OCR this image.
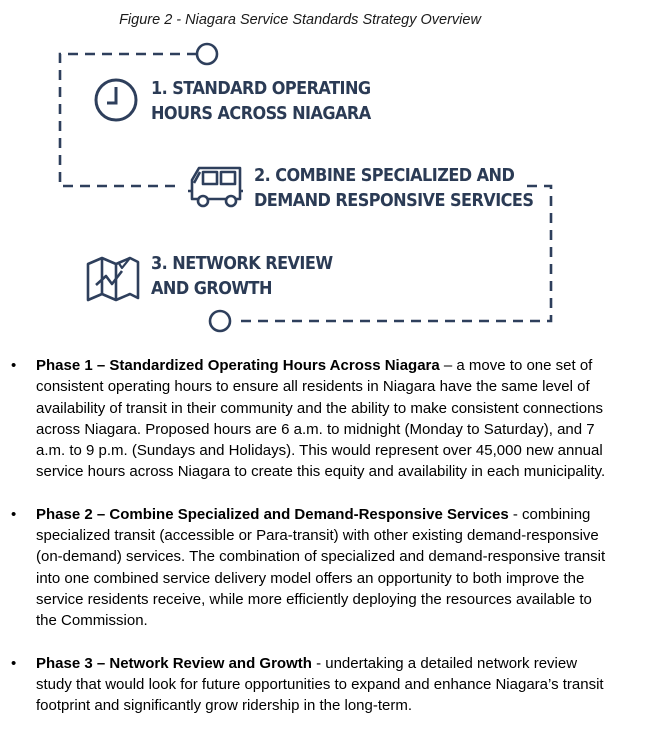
Figure 2 - Niagara Service Standards Strategy Overview
1. STANDARD OPERATING
HOURS ACROSS NIAGARA
2. COMBINE SPECIALIZED AND
DEMAND RESPONSIVE SERVICES
3. NETWORK REVIEW
AND GROWTH
• Phase 1 – Standardized Operating Hours Across Niagara – a move to one set of consistent operating hours to ensure all residents in Niagara have the same level of availability of transit in their community and the ability to make consistent connections across Niagara. Proposed hours are 6 a.m. to midnight (Monday to Saturday), and 7 a.m. to 9 p.m. (Sundays and Holidays). This would represent over 45,000 new annual service hours across Niagara to create this equity and availability in each municipality.
• Phase 2 – Combine Specialized and Demand-Responsive Services - combining specialized transit (accessible or Para-transit) with other existing demand-responsive (on-demand) services. The combination of specialized and demand-responsive transit into one combined service delivery model offers an opportunity to both improve the service residents receive, while more efficiently deploying the resources available to the Commission.
• Phase 3 – Network Review and Growth - undertaking a detailed network review study that would look for future opportunities to expand and enhance Niagara’s transit footprint and significantly grow ridership in the long-term.
